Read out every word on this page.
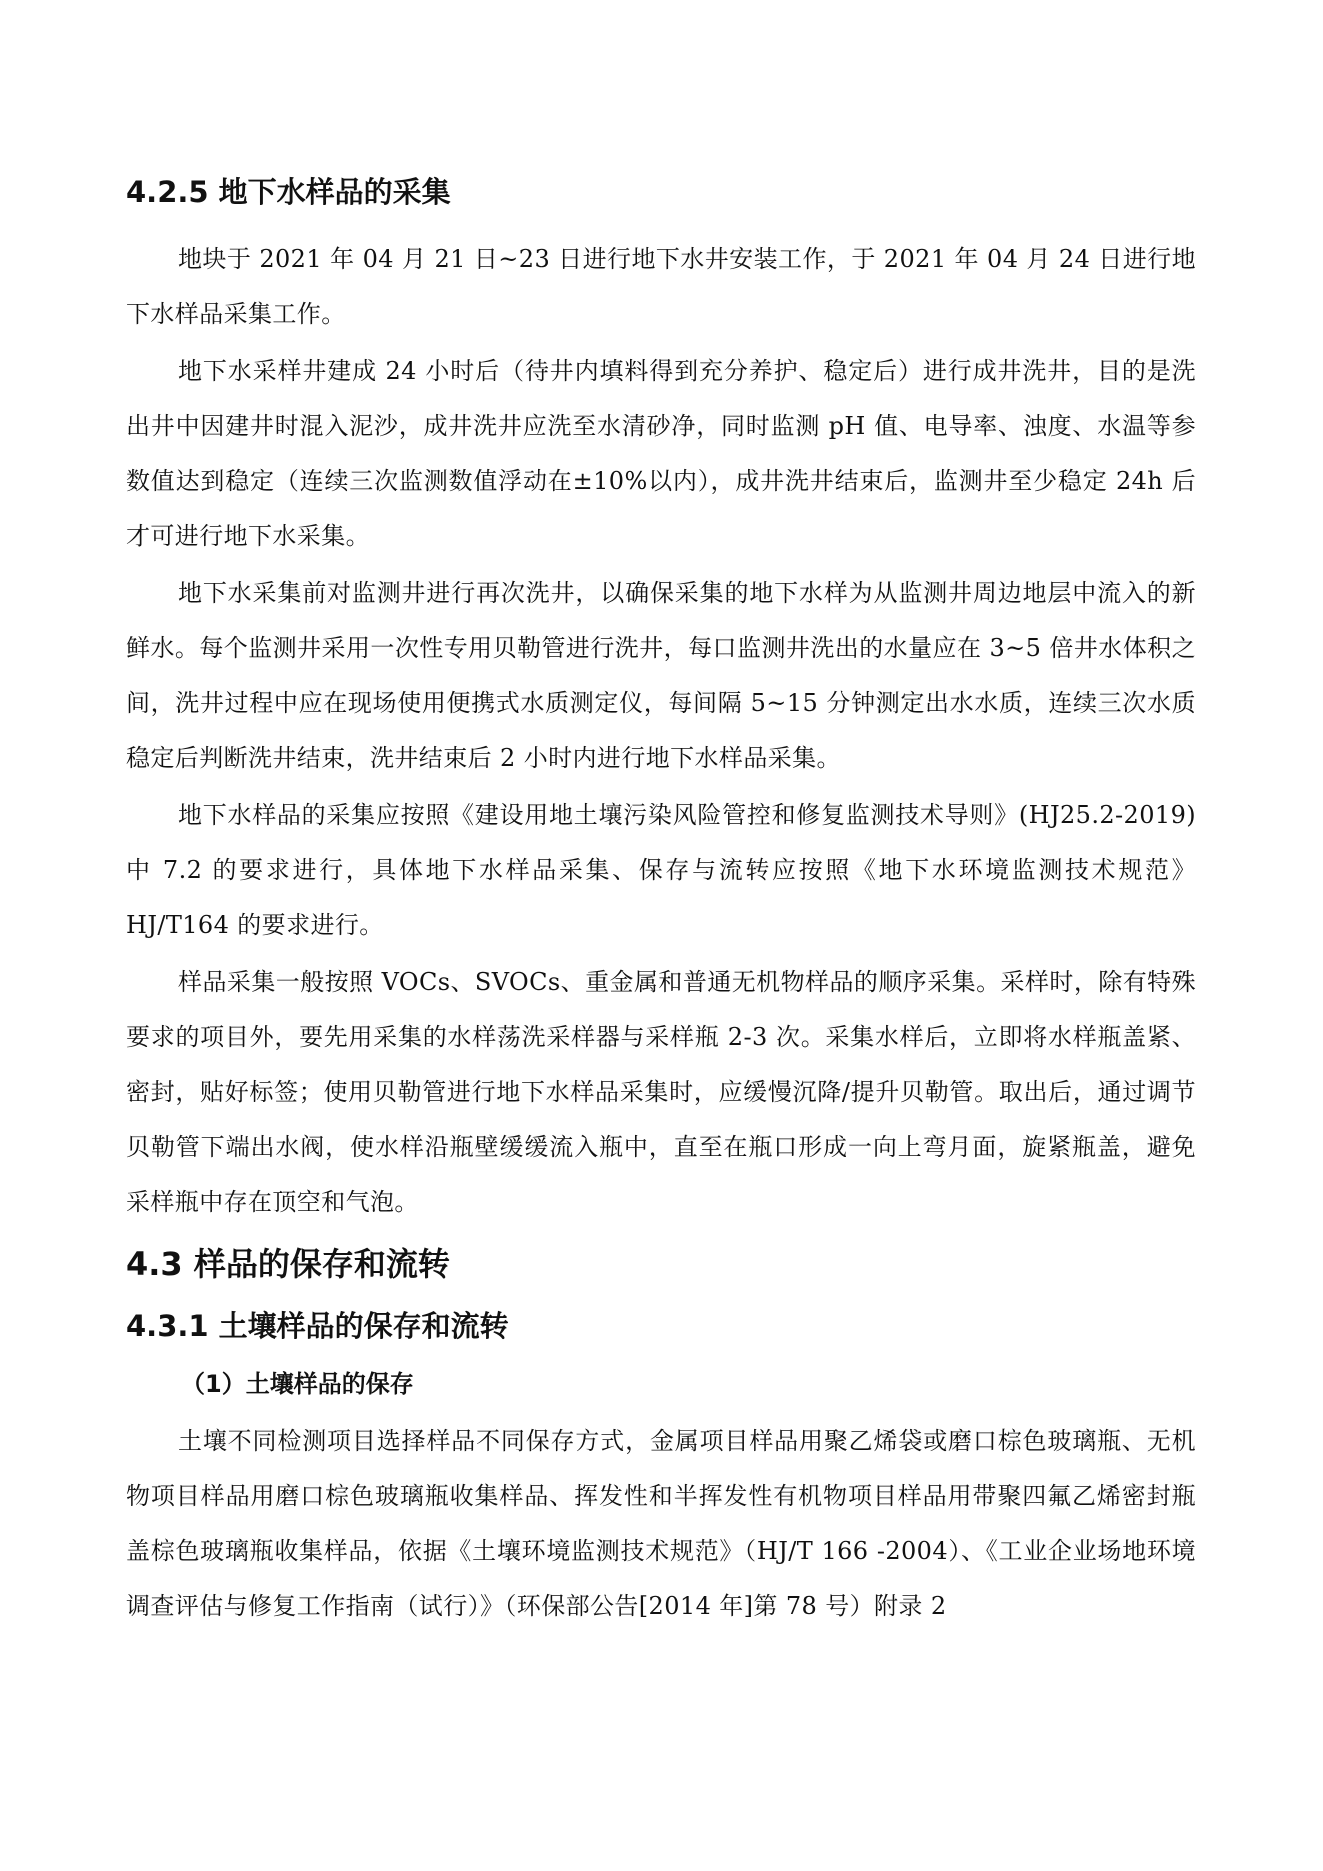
4.2.5 地下水样品的采集

地块于 2021 年 04 月 21 日~23 日进行地下水井安装工作，于 2021 年 04 月 24 日进行地下水样品采集工作。

地下水采样井建成 24 小时后（待井内填料得到充分养护、稳定后）进行成井洗井，目的是洗出井中因建井时混入泥沙，成井洗井应洗至水清砂净，同时监测 pH 值、电导率、浊度、水温等参数值达到稳定（连续三次监测数值浮动在±10%以内），成井洗井结束后，监测井至少稳定 24h 后才可进行地下水采集。

地下水采集前对监测井进行再次洗井，以确保采集的地下水样为从监测井周边地层中流入的新鲜水。每个监测井采用一次性专用贝勒管进行洗井，每口监测井洗出的水量应在 3~5 倍井水体积之间，洗井过程中应在现场使用便携式水质测定仪，每间隔 5~15 分钟测定出水水质，连续三次水质稳定后判断洗井结束，洗井结束后 2 小时内进行地下水样品采集。

地下水样品的采集应按照《建设用地土壤污染风险管控和修复监测技术导则》(HJ25.2-2019)中 7.2 的要求进行，具体地下水样品采集、保存与流转应按照《地下水环境监测技术规范》HJ/T164 的要求进行。

样品采集一般按照 VOCs、SVOCs、重金属和普通无机物样品的顺序采集。采样时，除有特殊要求的项目外，要先用采集的水样荡洗采样器与采样瓶 2-3 次。采集水样后，立即将水样瓶盖紧、密封，贴好标签；使用贝勒管进行地下水样品采集时，应缓慢沉降/提升贝勒管。取出后，通过调节贝勒管下端出水阀，使水样沿瓶壁缓缓流入瓶中，直至在瓶口形成一向上弯月面，旋紧瓶盖，避免采样瓶中存在顶空和气泡。

4.3 样品的保存和流转
4.3.1 土壤样品的保存和流转
（1）土壤样品的保存

土壤不同检测项目选择样品不同保存方式，金属项目样品用聚乙烯袋或磨口棕色玻璃瓶、无机物项目样品用磨口棕色玻璃瓶收集样品、挥发性和半挥发性有机物项目样品用带聚四氟乙烯密封瓶盖棕色玻璃瓶收集样品，依据《土壤环境监测技术规范》（HJ/T 166 -2004）、《工业企业场地环境调查评估与修复工作指南（试行）》（环保部公告[2014 年]第 78 号）附录 2
